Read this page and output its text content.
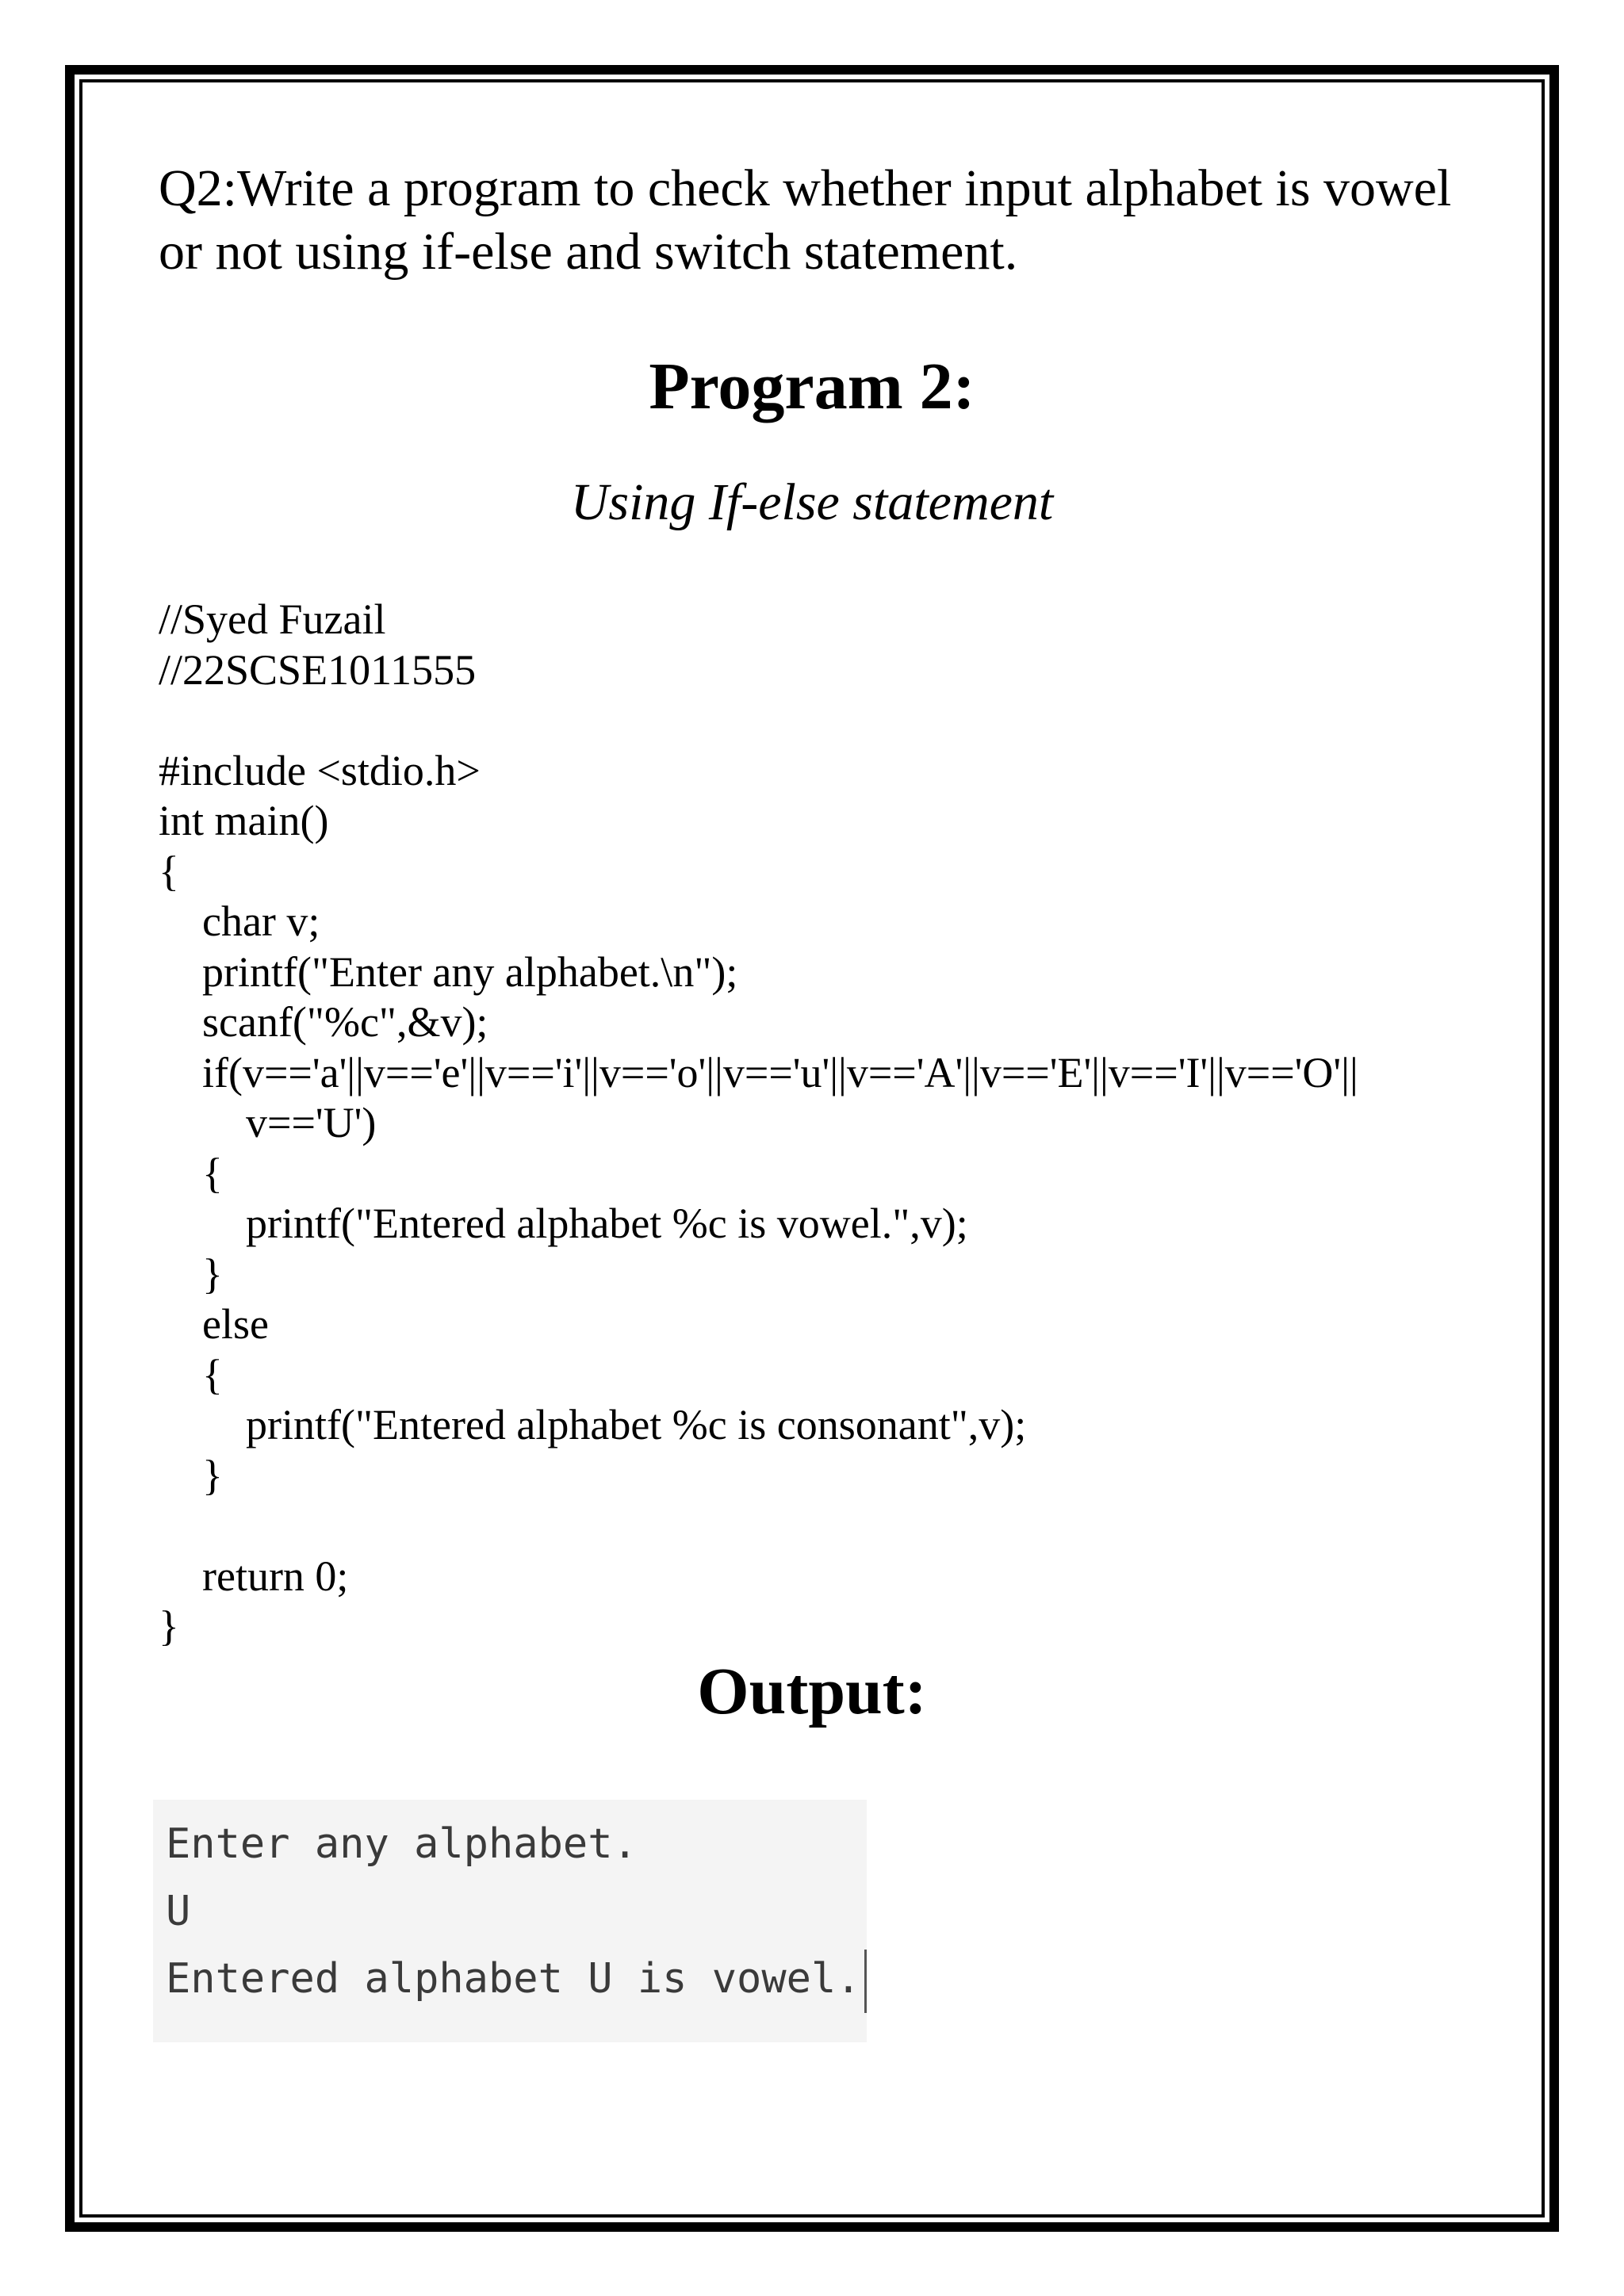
Q2:Write a program to check whether input alphabet is vowel or not using if-else and switch statement.

Program 2:

Using If-else statement

//Syed Fuzail
//22SCSE1011555
#include <stdio.h>
int main()
{
char v;
printf("Enter any alphabet.\n");
scanf("%c",&v);
if(v=='a'||v=='e'||v=='i'||v=='o'||v=='u'||v=='A'||v=='E'||v=='I'||v=='O'||
v=='U')
{
printf("Entered alphabet %c is vowel.",v);
}
else
{
printf("Entered alphabet %c is consonant",v);
}
return 0;
}
Output:
Enter any alphabet.
U
Entered alphabet U is vowel.
